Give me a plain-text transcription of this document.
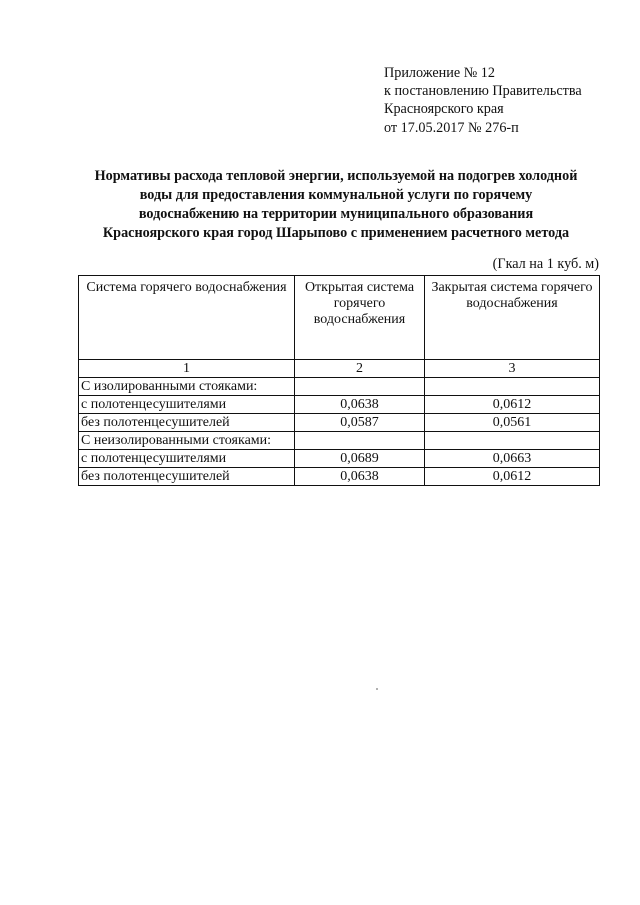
Приложение № 12
к постановлению Правительства
Красноярского края
от 17.05.2017 № 276-п
Нормативы расхода тепловой энергии, используемой на подогрев холодной
воды для предоставления коммунальной услуги по горячему
водоснабжению на территории муниципального образования
Красноярского края город Шарыпово с применением расчетного метода
(Гкал на 1 куб. м)
Система горячего водоснабжения	Открытая система горячего водоснабжения	Закрытая система горячего водоснабжения
1	2	3
С изолированными стояками:		
с полотенцесушителями	0,0638	0,0612
без полотенцесушителей	0,0587	0,0561
С неизолированными стояками:		
с полотенцесушителями	0,0689	0,0663
без полотенцесушителей	0,0638	0,0612
